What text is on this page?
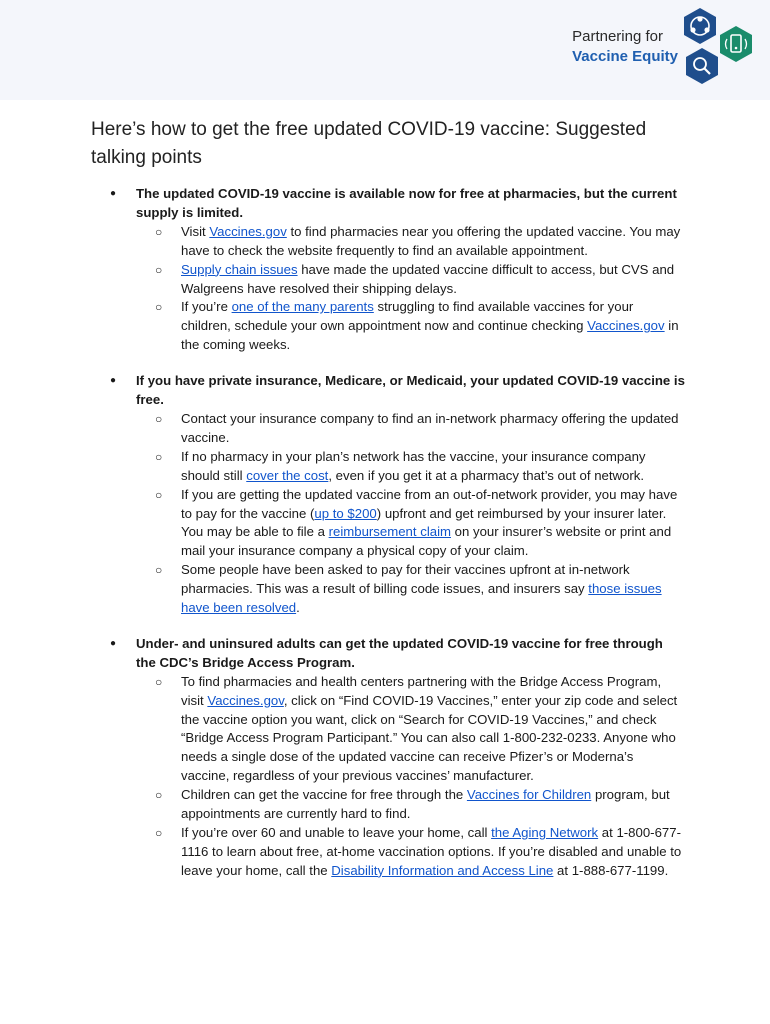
Partnering for
Vaccine Equity
Here’s how to get the free updated COVID-19 vaccine: Suggested talking points
● The updated COVID-19 vaccine is available now for free at pharmacies, but the current supply is limited.
○ Visit Vaccines.gov to find pharmacies near you offering the updated vaccine. You may have to check the website frequently to find an available appointment.
○ Supply chain issues have made the updated vaccine difficult to access, but CVS and Walgreens have resolved their shipping delays.
○ If you’re one of the many parents struggling to find available vaccines for your children, schedule your own appointment now and continue checking Vaccines.gov in the coming weeks.
● If you have private insurance, Medicare, or Medicaid, your updated COVID-19 vaccine is free.
○ Contact your insurance company to find an in-network pharmacy offering the updated vaccine.
○ If no pharmacy in your plan’s network has the vaccine, your insurance company should still cover the cost, even if you get it at a pharmacy that’s out of network.
○ If you are getting the updated vaccine from an out-of-network provider, you may have to pay for the vaccine (up to $200) upfront and get reimbursed by your insurer later. You may be able to file a reimbursement claim on your insurer’s website or print and mail your insurance company a physical copy of your claim.
○ Some people have been asked to pay for their vaccines upfront at in-network pharmacies. This was a result of billing code issues, and insurers say those issues have been resolved.
● Under- and uninsured adults can get the updated COVID-19 vaccine for free through the CDC’s Bridge Access Program.
○ To find pharmacies and health centers partnering with the Bridge Access Program, visit Vaccines.gov, click on “Find COVID-19 Vaccines,” enter your zip code and select the vaccine option you want, click on “Search for COVID-19 Vaccines,” and check “Bridge Access Program Participant.” You can also call 1-800-232-0233. Anyone who needs a single dose of the updated vaccine can receive Pfizer’s or Moderna’s vaccine, regardless of your previous vaccines’ manufacturer.
○ Children can get the vaccine for free through the Vaccines for Children program, but appointments are currently hard to find.
○ If you’re over 60 and unable to leave your home, call the Aging Network at 1-800-677-1116 to learn about free, at-home vaccination options. If you’re disabled and unable to leave your home, call the Disability Information and Access Line at 1-888-677-1199.
